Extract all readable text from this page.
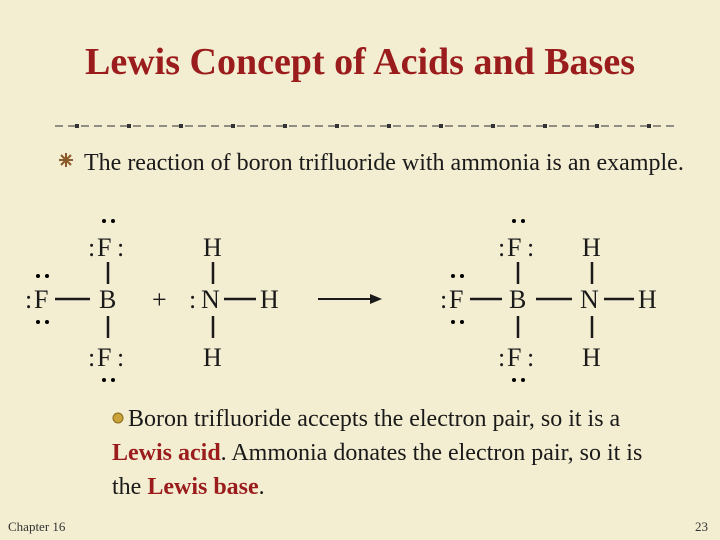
Lewis Concept of Acids and Bases
The reaction of boron trifluoride with ammonia is an example.
: F :
: F B
: F :
+
H
: N H
H
: F :
: F B N H
H
H
: F :
Boron trifluoride accepts the electron pair, so it is a Lewis acid. Ammonia donates the electron pair, so it is the Lewis base.
Chapter 16	23
